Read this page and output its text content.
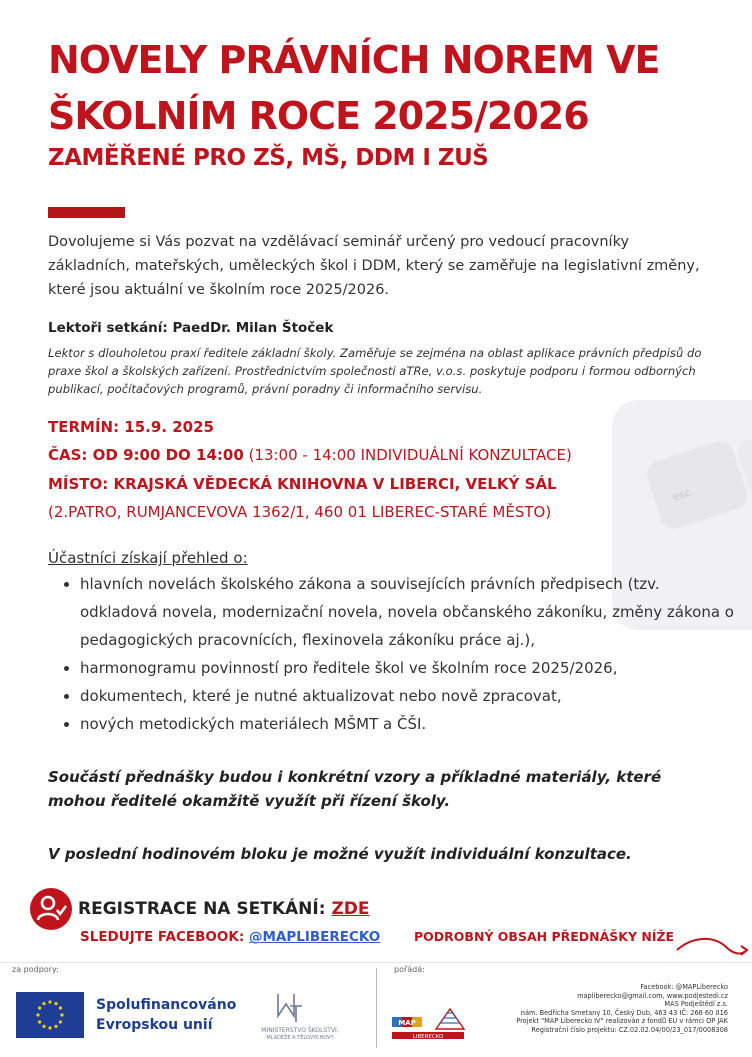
esc
NOVELY PRÁVNÍCH NOREM VE
ŠKOLNÍM ROCE 2025/2026
ZAMĚŘENÉ PRO ZŠ, MŠ, DDM I ZUŠ

Dovolujeme si Vás pozvat na vzdělávací seminář určený pro vedoucí pracovníky základních, mateřských, uměleckých škol i DDM, který se zaměřuje na legislativní změny, které jsou aktuální ve školním roce 2025/2026.

Lektoři setkání: PaedDr. Milan Štoček

Lektor s dlouholetou praxí ředitele základní školy. Zaměřuje se zejména na oblast aplikace právních předpisů do praxe škol a školských zařízení. Prostřednictvím společnosti aTRe, v.o.s. poskytuje podporu i formou odborných publikací, počítačových programů, právní poradny či informačního servisu.

TERMÍN: 15.9. 2025

ČAS: OD 9:00 DO 14:00 (13:00 - 14:00 INDIVIDUÁLNÍ KONZULTACE)

MÍSTO: KRAJSKÁ VĚDECKÁ KNIHOVNA V LIBERCI, VELKÝ SÁL

(2.PATRO, RUMJANCEVOVA 1362/1, 460 01 LIBEREC-STARÉ MĚSTO)

Účastníci získají přehled o:

• hlavních novelách školského zákona a souvisejících právních předpisech (tzv. odkladová novela, modernizační novela, novela občanského zákoníku, změny zákona o pedagogických pracovnících, flexinovela zákoníku práce aj.),
• harmonogramu povinností pro ředitele škol ve školním roce 2025/2026,
• dokumentech, které je nutné aktualizovat nebo nově zpracovat,
• nových metodických materiálech MŠMT a ČŠI.

Součástí přednášky budou i konkrétní vzory a příkladné materiály, které mohou ředitelé okamžitě využít při řízení školy.

V poslední hodinovém bloku je možné využít individuální konzultace.

REGISTRACE NA SETKÁNÍ: ZDE

SLEDUJTE FACEBOOK: @MAPLIBERECKO	PODROBNÝ OBSAH PŘEDNÁŠKY NÍŽE

za podpory:	pořádá:

Spolufinancováno
Evropskou unií	MINISTERSTVO ŠKOLSTVÍ,
MLÁDEŽE A TĚLOVÝCHOVY
MAP
LIBERECKO

Facebook: @MAPLiberecko
mapliberecko@gmail.com, www.podjestedi.cz
MAS Podještědí z.s.
nám. Bedřicha Smetany 10, Český Dub, 463 43 IČ: 266 60 016
Projekt "MAP Liberecko IV" realizován z fondů EU v rámci OP JAK
Registrační číslo projektu: CZ.02.02.04/00/23_017/0008308
